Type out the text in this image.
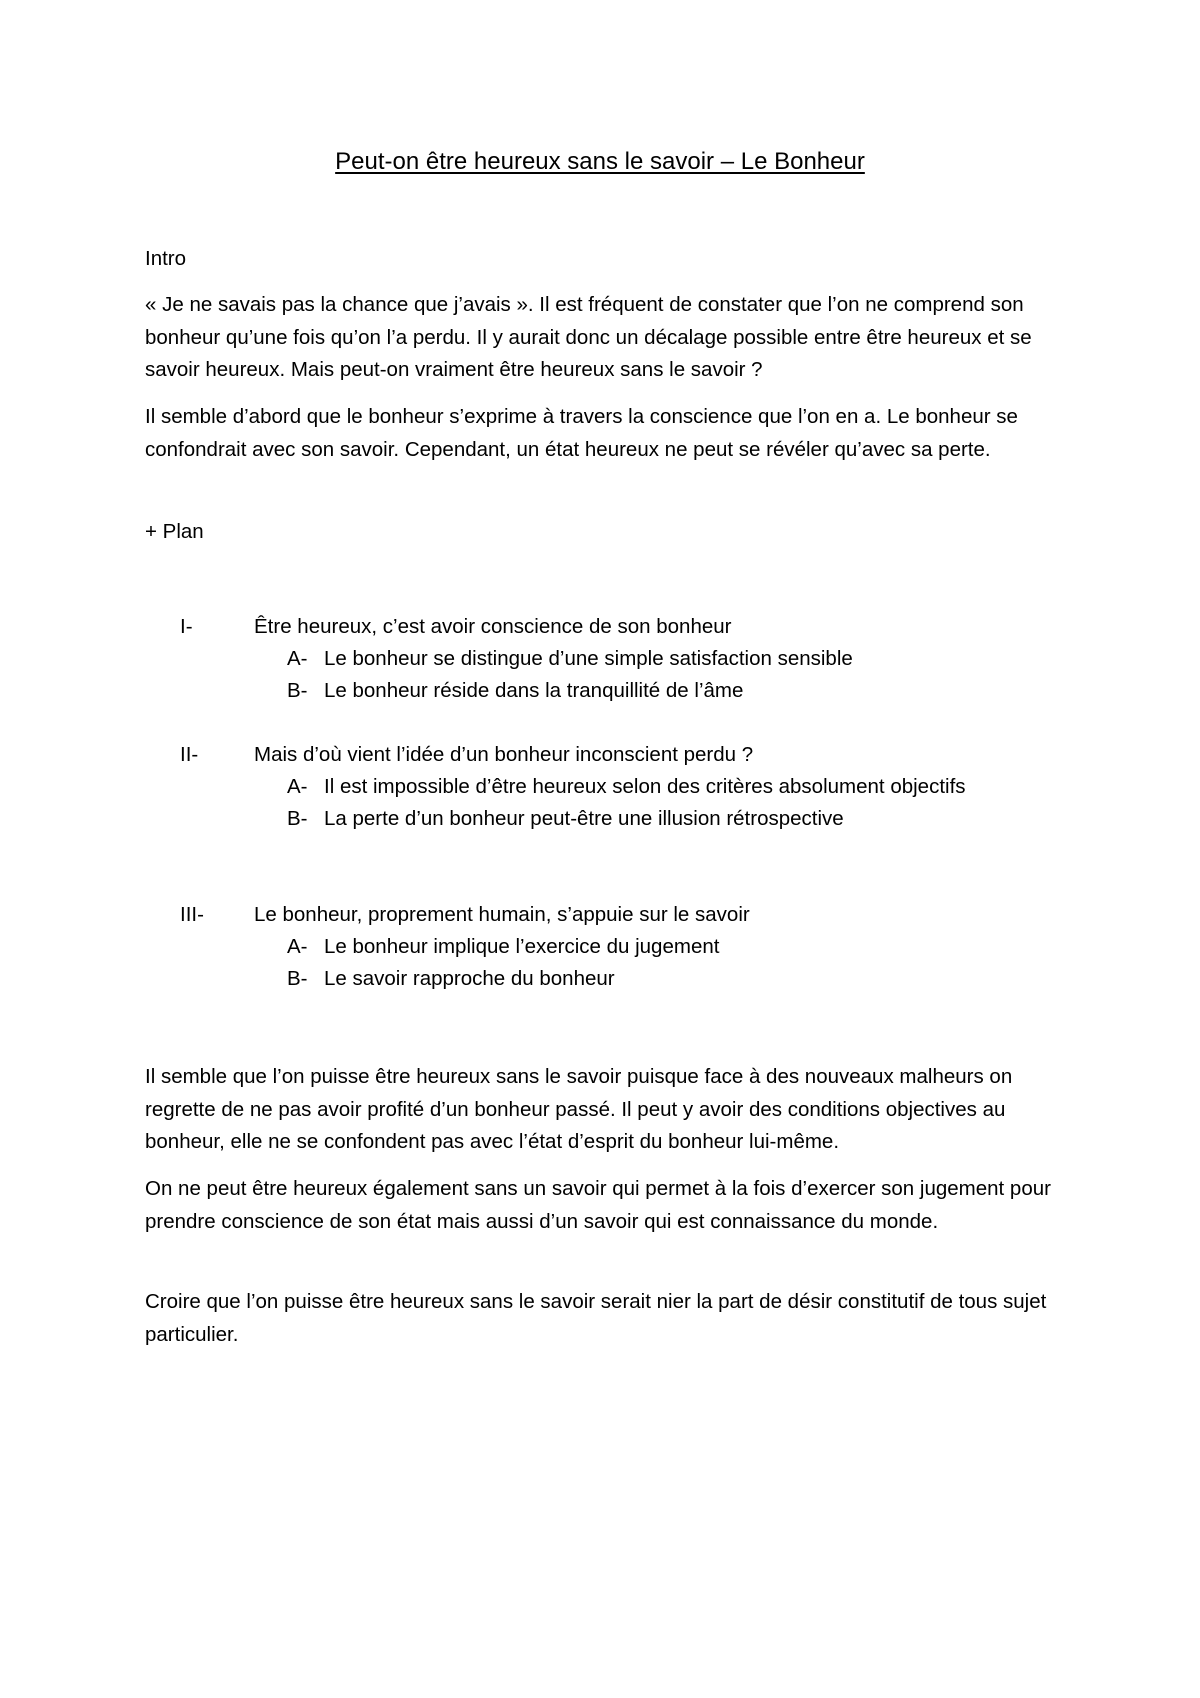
Peut-on être heureux sans le savoir – Le Bonheur
Intro
« Je ne savais pas la chance que j’avais ». Il est fréquent de constater que l’on ne comprend son bonheur qu’une fois qu’on l’a perdu. Il y aurait donc un décalage possible entre être heureux et se savoir heureux. Mais peut-on vraiment être heureux sans le savoir ?
Il semble d’abord que le bonheur s’exprime à travers la conscience que l’on en a. Le bonheur se confondrait avec son savoir. Cependant, un état heureux ne peut se révéler qu’avec sa perte.
+ Plan
I-	Être heureux, c’est avoir conscience de son bonheur
A- Le bonheur se distingue d’une simple satisfaction sensible
B- Le bonheur réside dans la tranquillité de l’âme
II-	Mais d’où vient l’idée d’un bonheur inconscient perdu ?
A- Il est impossible d’être heureux selon des critères absolument objectifs
B- La perte d’un bonheur peut-être une illusion rétrospective
III- Le bonheur, proprement humain, s’appuie sur le savoir
A- Le bonheur implique l’exercice du jugement
B- Le savoir rapproche du bonheur
Il semble que l’on puisse être heureux sans le savoir puisque face à des nouveaux malheurs on regrette de ne pas avoir profité d’un bonheur passé. Il peut y avoir des conditions objectives au bonheur, elle ne se confondent pas avec l’état d’esprit du bonheur lui-même.
On ne peut être heureux également sans un savoir qui permet à la fois d’exercer son jugement pour prendre conscience de son état mais aussi d’un savoir qui est connaissance du monde.
Croire que l’on puisse être heureux sans le savoir serait nier la part de désir constitutif de tous sujet particulier.
